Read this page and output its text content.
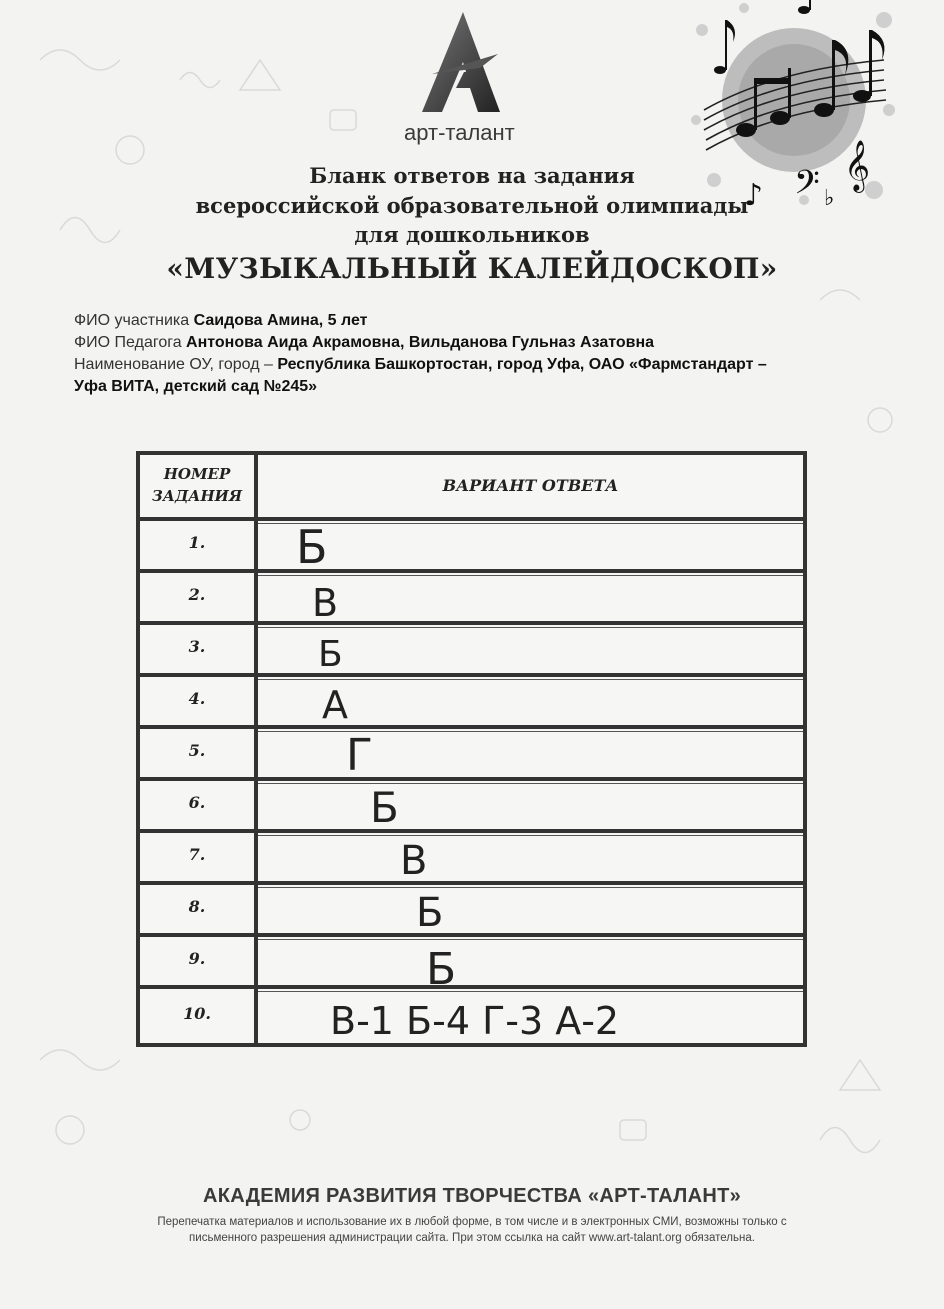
арт-талант
𝄢 𝄞
♭
♪
Бланк ответов на задания
всероссийской образовательной олимпиады
для дошкольников
«МУЗЫКАЛЬНЫЙ КАЛЕЙДОСКОП»
ФИО участника Саидова Амина, 5 лет
ФИО Педагога Антонова Аида Акрамовна, Вильданова Гульназ Азатовна
Наименование ОУ, город – Республика Башкортостан, город Уфа, ОАО «Фармстандарт –
Уфа ВИТА, детский сад №245»
НОМЕР
ЗАДАНИЯ
ВАРИАНТ ОТВЕТА
1.
2.
3.
4.
5.
6.
7.
8.
9.
10.
Б
В
Б
А
Г
Б
В
Б
Б
В-1 Б-4 Г-3 А-2
АКАДЕМИЯ РАЗВИТИЯ ТВОРЧЕСТВА «АРТ-ТАЛАНТ»
Перепечатка материалов и использование их в любой форме, в том числе и в электронных СМИ, возможны только с
письменного разрешения администрации сайта. При этом ссылка на сайт www.art-talant.org обязательна.
